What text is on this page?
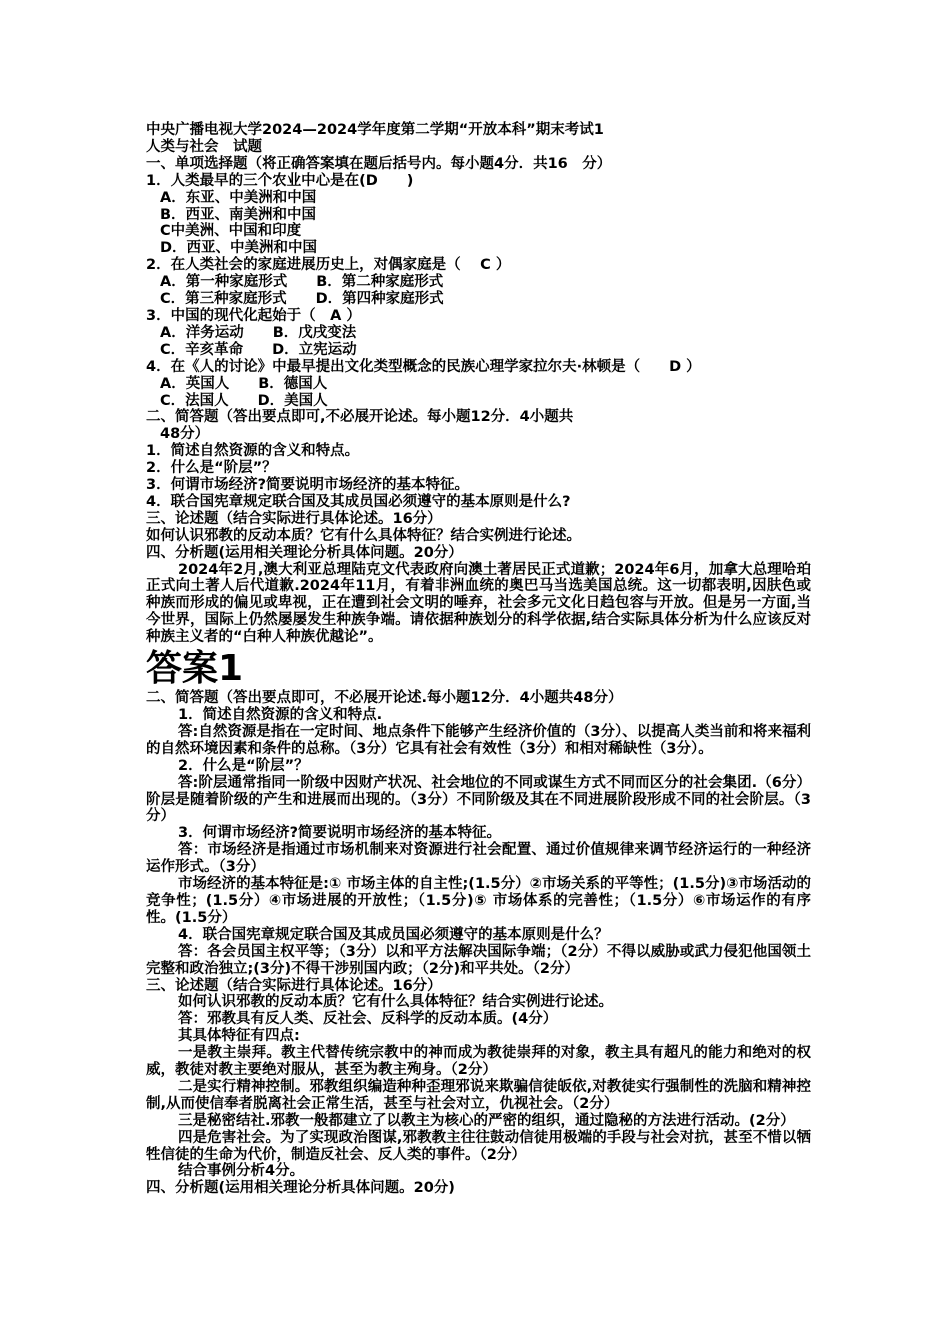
中央广播电视大学2024—2024学年度第二学期“开放本科”期末考试1

人类与社会　试题

一、单项选择题（将正确答案填在题后括号内。每小题4分．共16　分）

1．人类最早的三个农业中心是在(D　　)

A．东亚、中美洲和中国

B．西亚、南美洲和中国

C中美洲、中国和印度

D．西亚、中美洲和中国

2．在人类社会的家庭进展历史上，对偶家庭是（　 C ）

A．第一种家庭形式　　B．第二种家庭形式

C．第三种家庭形式　　D．第四种家庭形式

3．中国的现代化起始于（　A ）

A．洋务运动　　B．戊戌变法

C．辛亥革命　　D．立宪运动

4．在《人的讨论》中最早提出文化类型概念的民族心理学家拉尔夫·林顿是（　　D ）

A．英国人　　B．德国人

C．法国人　　D．美国人

二、简答题（答出要点即可,不必展开论述。每小题12分．4小题共

48分）

1．简述自然资源的含义和特点。

2．什么是“阶层”？

3．何谓市场经济?简要说明市场经济的基本特征。

4．联合国宪章规定联合国及其成员国必须遵守的基本原则是什么?

三、论述题（结合实际进行具体论述。16分）

如何认识邪教的反动本质？它有什么具体特征？结合实例进行论述。

四、分析题(运用相关理论分析具体问题。20分）

2024年2月,澳大利亚总理陆克文代表政府向澳土著居民正式道歉；2024年6月，加拿大总理哈珀正式向土著人后代道歉.2024年11月，有着非洲血统的奥巴马当选美国总统。这一切都表明,因肤色或种族而形成的偏见或卑视，正在遭到社会文明的唾弃，社会多元文化日趋包容与开放。但是另一方面,当今世界，国际上仍然屡屡发生种族争端。请依据种族划分的科学依据,结合实际具体分析为什么应该反对种族主义者的“白种人种族优越论”。

答案1

二、简答题（答出要点即可，不必展开论述.每小题12分．4小题共48分）

1．简述自然资源的含义和特点.

答:自然资源是指在一定时间、地点条件下能够产生经济价值的（3分）、以提高人类当前和将来福利的自然环境因素和条件的总称。（3分）它具有社会有效性（3分）和相对稀缺性（3分）。

2．什么是“阶层”？

答:阶层通常指同一阶级中因财产状况、社会地位的不同或谋生方式不同而区分的社会集团.（6分）阶层是随着阶级的产生和进展而出现的。（3分）不同阶级及其在不同进展阶段形成不同的社会阶层。（3分）

3．何谓市场经济?简要说明市场经济的基本特征。

答：市场经济是指通过市场机制来对资源进行社会配置、通过价值规律来调节经济运行的一种经济运作形式。（3分）

市场经济的基本特征是:① 市场主体的自主性;(1.5分）②市场关系的平等性；(1.5分)③市场活动的竞争性；(1.5分）④市场进展的开放性；（1.5分)⑤ 市场体系的完善性；（1.5分）⑥市场运作的有序性。(1.5分）

4．联合国宪章规定联合国及其成员国必须遵守的基本原则是什么？

答：各会员国主权平等；（3分）以和平方法解决国际争端；（2分）不得以威胁或武力侵犯他国领土完整和政治独立;(3分)不得干涉别国内政；（2分)和平共处。（2分）

三、论述题（结合实际进行具体论述。16分）

如何认识邪教的反动本质？它有什么具体特征？结合实例进行论述。

答：邪教具有反人类、反社会、反科学的反动本质。(4分）

其具体特征有四点:

一是教主崇拜。教主代替传统宗教中的神而成为教徒崇拜的对象，教主具有超凡的能力和绝对的权威，教徒对教主要绝对服从，甚至为教主殉身。（2分）

二是实行精神控制。邪教组织编造种种歪理邪说来欺骗信徒皈依,对教徒实行强制性的洗脑和精神控制,从而使信奉者脱离社会正常生活，甚至与社会对立，仇视社会。（2分）

三是秘密结社.邪教一般都建立了以教主为核心的严密的组织，通过隐秘的方法进行活动。(2分）

四是危害社会。为了实现政治图谋,邪教教主往往鼓动信徒用极端的手段与社会对抗，甚至不惜以牺牲信徒的生命为代价，制造反社会、反人类的事件。（2分）

结合事例分析4分。

四、分析题(运用相关理论分析具体问题。20分)
